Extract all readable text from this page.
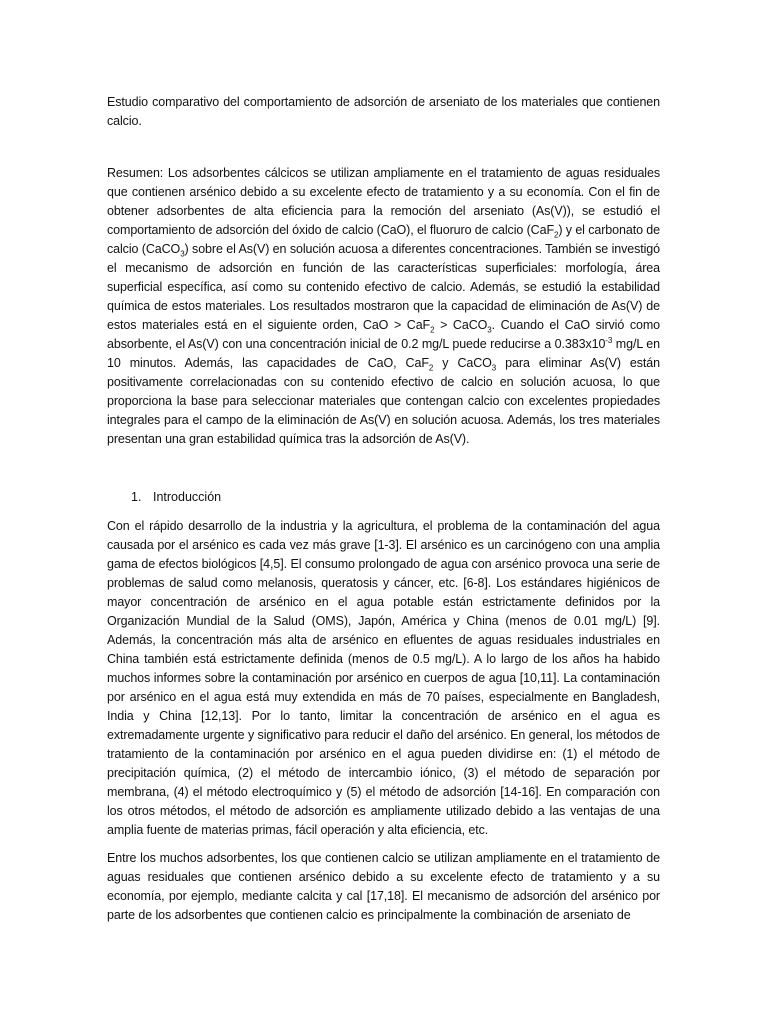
Estudio comparativo del comportamiento de adsorción de arseniato de los materiales que contienen calcio.

Resumen: Los adsorbentes cálcicos se utilizan ampliamente en el tratamiento de aguas residuales que contienen arsénico debido a su excelente efecto de tratamiento y a su economía. Con el fin de obtener adsorbentes de alta eficiencia para la remoción del arseniato (As(V)), se estudió el comportamiento de adsorción del óxido de calcio (CaO), el fluoruro de calcio (CaF$_2$) y el carbonato de calcio (CaCO$_3$) sobre el As(V) en solución acuosa a diferentes concentraciones. También se investigó el mecanismo de adsorción en función de las características superficiales: morfología, área superficial específica, así como su contenido efectivo de calcio. Además, se estudió la estabilidad química de estos materiales. Los resultados mostraron que la capacidad de eliminación de As(V) de estos materiales está en el siguiente orden, CaO > CaF$_2$ > CaCO$_3$. Cuando el CaO sirvió como absorbente, el As(V) con una concentración inicial de 0.2 mg/L puede reducirse a $0.383x10^{-3}$ mg/L en 10 minutos. Además, las capacidades de CaO, CaF$_2$ y CaCO$_3$ para eliminar As(V) están positivamente correlacionadas con su contenido efectivo de calcio en solución acuosa, lo que proporciona la base para seleccionar materiales que contengan calcio con excelentes propiedades integrales para el campo de la eliminación de As(V) en solución acuosa. Además, los tres materiales presentan una gran estabilidad química tras la adsorción de As(V).

1. Introducción

Con el rápido desarrollo de la industria y la agricultura, el problema de la contaminación del agua causada por el arsénico es cada vez más grave [1-3]. El arsénico es un carcinógeno con una amplia gama de efectos biológicos [4,5]. El consumo prolongado de agua con arsénico provoca una serie de problemas de salud como melanosis, queratosis y cáncer, etc. [6-8]. Los estándares higiénicos de mayor concentración de arsénico en el agua potable están estrictamente definidos por la Organización Mundial de la Salud (OMS), Japón, América y China (menos de 0.01 mg/L) [9]. Además, la concentración más alta de arsénico en efluentes de aguas residuales industriales en China también está estrictamente definida (menos de 0.5 mg/L). A lo largo de los años ha habido muchos informes sobre la contaminación por arsénico en cuerpos de agua [10,11]. La contaminación por arsénico en el agua está muy extendida en más de 70 países, especialmente en Bangladesh, India y China [12,13]. Por lo tanto, limitar la concentración de arsénico en el agua es extremadamente urgente y significativo para reducir el daño del arsénico. En general, los métodos de tratamiento de la contaminación por arsénico en el agua pueden dividirse en: (1) el método de precipitación química, (2) el método de intercambio iónico, (3) el método de separación por membrana, (4) el método electroquímico y (5) el método de adsorción [14-16]. En comparación con los otros métodos, el método de adsorción es ampliamente utilizado debido a las ventajas de una amplia fuente de materias primas, fácil operación y alta eficiencia, etc.

Entre los muchos adsorbentes, los que contienen calcio se utilizan ampliamente en el tratamiento de aguas residuales que contienen arsénico debido a su excelente efecto de tratamiento y a su economía, por ejemplo, mediante calcita y cal [17,18]. El mecanismo de adsorción del arsénico por parte de los adsorbentes que contienen calcio es principalmente la combinación de arseniato de
